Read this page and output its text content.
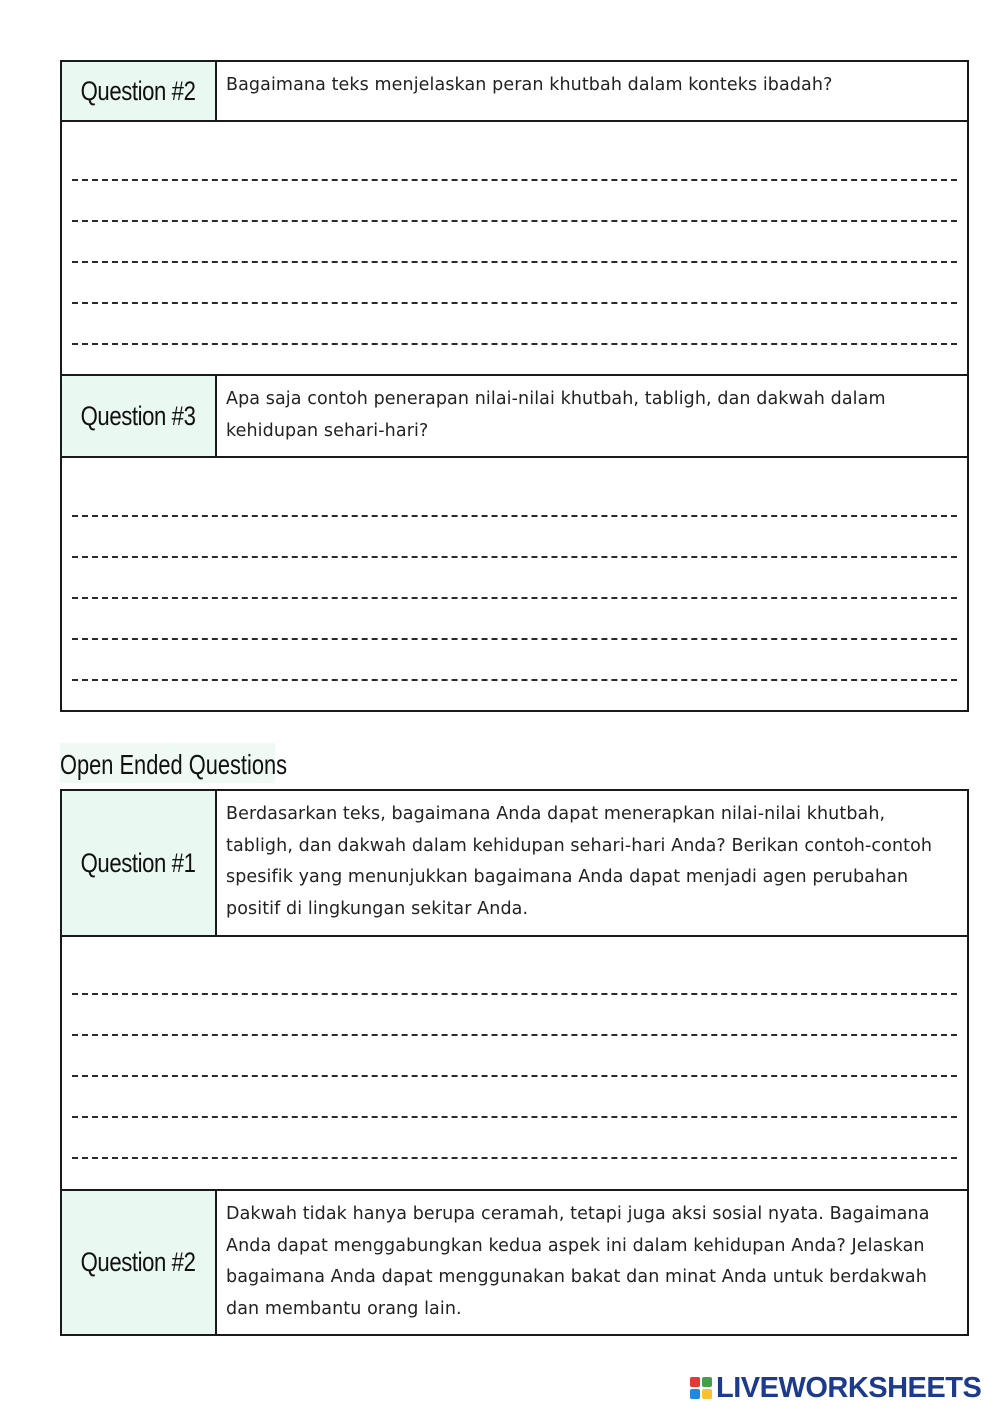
Question #2	Bagaimana teks menjelaskan peran khutbah dalam konteks ibadah?
Question #3
Apa saja contoh penerapan nilai-nilai khutbah, tabligh, dan dakwah dalam kehidupan sehari-hari?
Open Ended Questions
Question #1
Berdasarkan teks, bagaimana Anda dapat menerapkan nilai-nilai khutbah, tabligh, dan dakwah dalam kehidupan sehari-hari Anda? Berikan contoh-contoh spesifik yang menunjukkan bagaimana Anda dapat menjadi agen perubahan positif di lingkungan sekitar Anda.
Question #2
Dakwah tidak hanya berupa ceramah, tetapi juga aksi sosial nyata. Bagaimana Anda dapat menggabungkan kedua aspek ini dalam kehidupan Anda? Jelaskan bagaimana Anda dapat menggunakan bakat dan minat Anda untuk berdakwah dan membantu orang lain.
LIVEWORKSHEETS
